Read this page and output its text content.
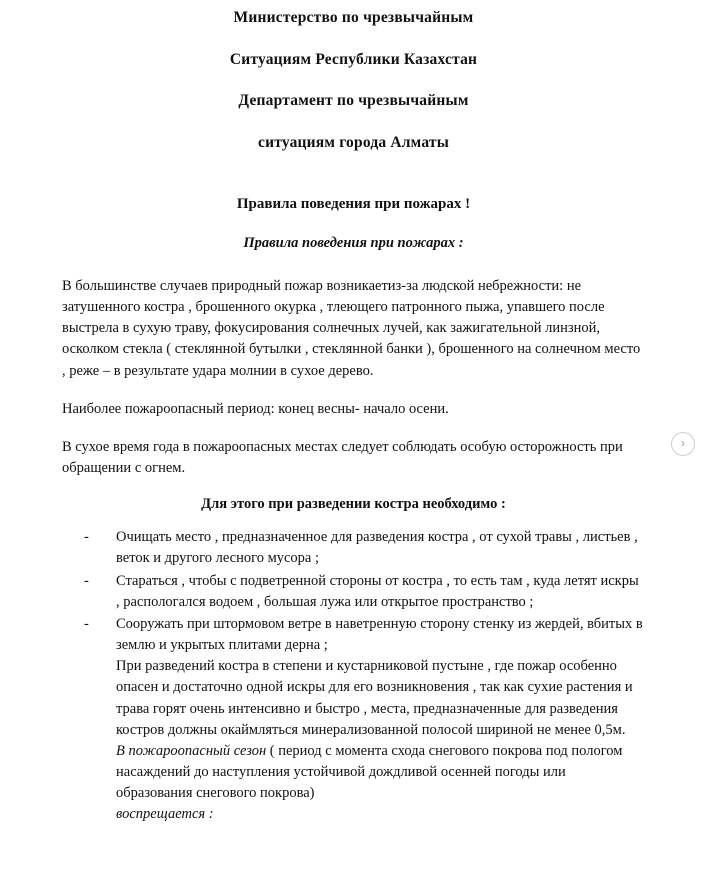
Министерство по чрезвычайным
Ситуациям Республики Казахстан
Департамент по чрезвычайным
ситуациям города Алматы
Правила поведения при пожарах !
Правила поведения при пожарах :

В большинстве случаев природный пожар возникаетиз-за людской небрежности: не затушенного костра , брошенного окурка , тлеющего патронного пыжа, упавшего после выстрела в сухую траву, фокусирования солнечных лучей, как зажигательной линзной, осколком стекла ( стеклянной бутылки , стеклянной банки ), брошенного на солнечном место , реже – в результате удара молнии в сухое дерево.

Наиболее пожароопасный период: конец весны- начало осени.

В сухое время года в пожароопасных местах следует соблюдать особую осторожность при обращении с огнем.

Для этого при разведении костра необходимо :
- Очищать место , предназначенное для разведения костра , от сухой травы , листьев , веток и другого лесного мусора ;
- Стараться , чтобы с подветренной стороны от костра , то есть там , куда летят искры , распологался водоем , большая лужа или открытое пространство ;
- Сооружать при штормовом ветре в наветренную сторону стенку из жердей, вбитых в землю и укрытых плитами дерна ;
При разведений костра в степени и кустарниковой пустыне , где пожар особенно опасен и достаточно одной искры для его возникновения , так как сухие растения и трава горят очень интенсивно и быстро , места, предназначенные для разведения костров должны окаймляться минерализованной полосой шириной не менее 0,5м.
В пожароопасный сезон ( период с момента схода снегового покрова под пологом насаждений до наступления устойчивой дождливой осенней погоды или образования снегового покрова)
воспрещается :
›
